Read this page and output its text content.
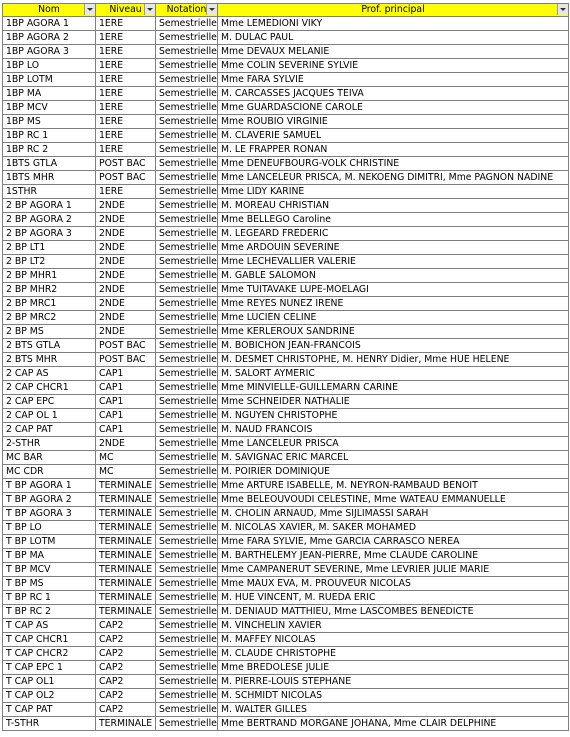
Nom	Niveau	Notation	Prof. principal

1BP AGORA 1	1ERE	Semestrielle	Mme LEMEDIONI VIKY
1BP AGORA 2	1ERE	Semestrielle	M. DULAC PAUL
1BP AGORA 3	1ERE	Semestrielle	Mme DEVAUX MELANIE
1BP LO	1ERE	Semestrielle	Mme COLIN SEVERINE SYLVIE
1BP LOTM	1ERE	Semestrielle	Mme FARA SYLVIE
1BP MA	1ERE	Semestrielle	M. CARCASSES JACQUES TEIVA
1BP MCV	1ERE	Semestrielle	Mme GUARDASCIONE CAROLE
1BP MS	1ERE	Semestrielle	Mme ROUBIO VIRGINIE
1BP RC 1	1ERE	Semestrielle	M. CLAVERIE SAMUEL
1BP RC 2	1ERE	Semestrielle	M. LE FRAPPER RONAN
1BTS GTLA	POST BAC	Semestrielle	Mme DENEUFBOURG-VOLK CHRISTINE
1BTS MHR	POST BAC	Semestrielle	Mme LANCELEUR PRISCA, M. NEKOENG DIMITRI, Mme PAGNON NADINE
1STHR	1ERE	Semestrielle	Mme LIDY KARINE
2 BP AGORA 1	2NDE	Semestrielle	M. MOREAU CHRISTIAN
2 BP AGORA 2	2NDE	Semestrielle	Mme BELLEGO Caroline
2 BP AGORA 3	2NDE	Semestrielle	M. LEGEARD FREDERIC
2 BP LT1	2NDE	Semestrielle	Mme ARDOUIN SEVERINE
2 BP LT2	2NDE	Semestrielle	Mme LECHEVALLIER VALERIE
2 BP MHR1	2NDE	Semestrielle	M. GABLE SALOMON
2 BP MHR2	2NDE	Semestrielle	Mme TUITAVAKE LUPE-MOELAGI
2 BP MRC1	2NDE	Semestrielle	Mme REYES NUNEZ IRENE
2 BP MRC2	2NDE	Semestrielle	Mme LUCIEN CELINE
2 BP MS	2NDE	Semestrielle	Mme KERLEROUX SANDRINE
2 BTS GTLA	POST BAC	Semestrielle	M. BOBICHON JEAN-FRANCOIS
2 BTS MHR	POST BAC	Semestrielle	M. DESMET CHRISTOPHE, M. HENRY Didier, Mme HUE HELENE
2 CAP AS	CAP1	Semestrielle	M. SALORT AYMERIC
2 CAP CHCR1	CAP1	Semestrielle	Mme MINVIELLE-GUILLEMARN CARINE
2 CAP EPC	CAP1	Semestrielle	Mme SCHNEIDER NATHALIE
2 CAP OL 1	CAP1	Semestrielle	M. NGUYEN CHRISTOPHE
2 CAP PAT	CAP1	Semestrielle	M. NAUD FRANCOIS
2-STHR	2NDE	Semestrielle	Mme LANCELEUR PRISCA
MC BAR	MC	Semestrielle	M. SAVIGNAC ERIC MARCEL
MC CDR	MC	Semestrielle	M. POIRIER DOMINIQUE
T BP AGORA 1	TERMINALE	Semestrielle	Mme ARTURE ISABELLE, M. NEYRON-RAMBAUD BENOIT
T BP AGORA 2	TERMINALE	Semestrielle	Mme BELEOUVOUDI CELESTINE, Mme WATEAU EMMANUELLE
T BP AGORA 3	TERMINALE	Semestrielle	M. CHOLIN ARNAUD, Mme SIJLIMASSI SARAH
T BP LO	TERMINALE	Semestrielle	M. NICOLAS XAVIER, M. SAKER MOHAMED
T BP LOTM	TERMINALE	Semestrielle	Mme FARA SYLVIE, Mme GARCIA CARRASCO NEREA
T BP MA	TERMINALE	Semestrielle	M. BARTHELEMY JEAN-PIERRE, Mme CLAUDE CAROLINE
T BP MCV	TERMINALE	Semestrielle	Mme CAMPANERUT SEVERINE, Mme LEVRIER JULIE MARIE
T BP MS	TERMINALE	Semestrielle	Mme MAUX EVA, M. PROUVEUR NICOLAS
T BP RC 1	TERMINALE	Semestrielle	M. HUE VINCENT, M. RUEDA ERIC
T BP RC 2	TERMINALE	Semestrielle	M. DENIAUD MATTHIEU, Mme LASCOMBES BENEDICTE
T CAP AS	CAP2	Semestrielle	M. VINCHELIN XAVIER
T CAP CHCR1	CAP2	Semestrielle	M. MAFFEY NICOLAS
T CAP CHCR2	CAP2	Semestrielle	M. CLAUDE CHRISTOPHE
T CAP EPC 1	CAP2	Semestrielle	Mme BREDOLESE JULIE
T CAP OL1	CAP2	Semestrielle	M. PIERRE-LOUIS STEPHANE
T CAP OL2	CAP2	Semestrielle	M. SCHMIDT NICOLAS
T CAP PAT	CAP2	Semestrielle	M. WALTER GILLES
T-STHR	TERMINALE	Semestrielle	Mme BERTRAND MORGANE JOHANA, Mme CLAIR DELPHINE
